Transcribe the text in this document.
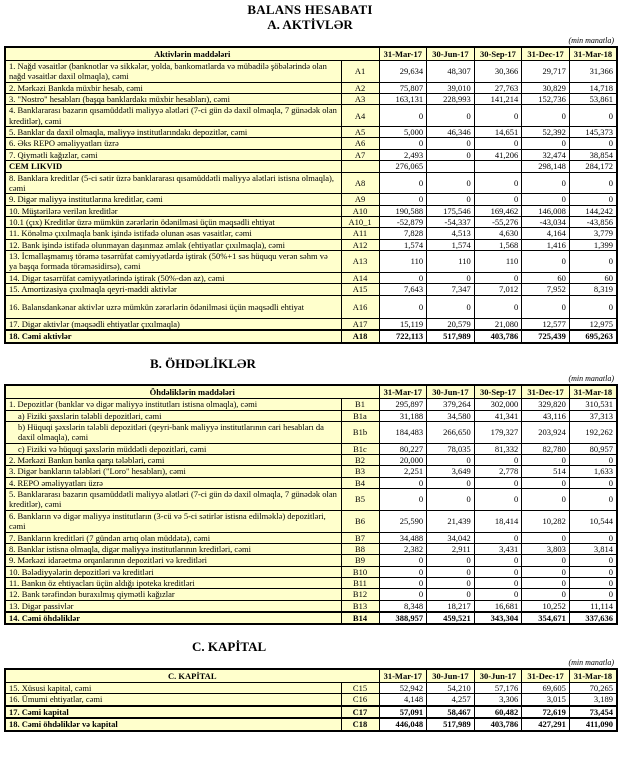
BALANS HESABATI
A. AKTİVLƏR
(min manatla)
Aktivlərin maddələri		31-Mar-17	30-Jun-17	30-Sep-17	31-Dec-17	31-Mar-18
1. Nağd vəsaitlər (banknotlar və sikkələr, yolda, bankomatlarda və mübadilə şöbələrində olan nağd vəsaitlər daxil olmaqla), cəmi	A1	29,634	48,307	30,366	29,717	31,366
2. Mərkəzi Bankda müxbir hesab, cəmi	A2	75,807	39,010	27,763	30,829	14,718
3. "Nostro" hesabları (başqa banklardakı müxbir hesabları), cəmi	A3	163,131	228,993	141,214	152,736	53,861
4. Banklararası bazarın qısamüddətli maliyyə alətləri (7-ci gün də daxil olmaqla, 7 günədək olan kreditlər), cəmi	A4	0	0	0	0	0
5. Banklar da daxil olmaqla, maliyyə institutlarındakı depozitlər, cəmi	A5	5,000	46,346	14,651	52,392	145,373
6. Əks REPO əməliyyatları üzrə	A6	0	0	0	0	0
7. Qiymətli kağızlar, cəmi	A7	2,493	0	41,206	32,474	38,854
CEM LIKVID		276,065			298,148	284,172
8. Banklara kreditlər (5-ci sətir üzrə banklararası qısamüddətli maliyyə alətləri istisna olmaqla), cəmi	A8	0	0	0	0	0
9. Digər maliyyə institutlarına kreditlər, cəmi	A9	0	0	0	0	0
10. Müştərilərə verilən kreditlər	A10	190,588	175,546	169,462	146,008	144,242
10.1 (çıx) Kreditlər üzrə mümkün zərərlərin ödənilməsi üçün məqsədli ehtiyat	A10_1	-52,879	-54,337	-55,276	-43,034	-43,856
11. Könəlmə çıxılmaqla bank işində istifadə olunan əsas vəsaitlər, cəmi	A11	7,828	4,513	4,630	4,164	3,779
12. Bank işində istifadə olunmayan daşınmaz əmlak (ehtiyatlar çıxılmaqla), cəmi	A12	1,574	1,574	1,568	1,416	1,399
13. İcmallaşmamış törəmə təsərrüfat cəmiyyətlərdə iştirak (50%+1 səs hüququ verən səhm və ya başqa formada törəməsidirsə), cəmi	A13	110	110	110	0	0
14. Digər təsərrüfat cəmiyyətlərində iştirak (50%-dən az), cəmi	A14	0	0	0	60	60
15. Amortizasiya çıxılmaqla qeyri-maddi aktivlər	A15	7,643	7,347	7,012	7,952	8,319
16. Balansdankənar aktivlər uzrə mümkün zərərlərin ödənilməsi üçün məqsədli ehtiyat	A16	0	0	0	0	0
17. Digər aktivlər (məqsədli ehtiyatlar çıxılmaqla)	A17	15,119	20,579	21,080	12,577	12,975
18. Cəmi aktivlər	A18	722,113	517,989	403,786	725,439	695,263
B. ÖHDƏLİKLƏR
(min manatla)
Öhdəliklərin maddələri		31-Mar-17	30-Jun-17	30-Sep-17	31-Dec-17	31-Mar-18
1. Depozitlər (banklar və digər maliyyə institutları istisna olmaqla), cəmi	B1	295,897	379,264	302,000	329,820	310,531
a) Fiziki şəxslərin tələbli depozitləri, cəmi	B1a	31,188	34,580	41,341	43,116	37,313
b) Hüquqi şəxslərin tələbli depozitləri (qeyri-bank maliyyə institutlarının cari hesabları da daxil olmaqla), cəmi	B1b	184,483	266,650	179,327	203,924	192,262
c) Fiziki və hüquqi şəxslərin müddətli depozitləri, cəmi	B1c	80,227	78,035	81,332	82,780	80,957
2. Mərkəzi Bankın banka qarşı tələbləri, cəmi	B2	20,000	0	0	0	0
3. Digər bankların tələbləri ("Loro" hesabları), cəmi	B3	2,251	3,649	2,778	514	1,633
4. REPO əməliyyatları üzrə	B4	0	0	0	0	0
5. Banklararası bazarın qısamüddətli maliyyə alətləri (7-ci gün də daxil olmaqla, 7 günədək olan kreditlər), cəmi	B5	0	0	0	0	0
6. Bankların və digər maliyyə institutların (3-cü və 5-ci sətirlər istisna edilməklə) depozitləri, cəmi	B6	25,590	21,439	18,414	10,282	10,544
7. Bankların kreditləri (7 gündən artıq olan müddətə), cəmi	B7	34,488	34,042	0	0	0
8. Banklar istisna olmaqla, digər maliyyə institutlarının kreditləri, cəmi	B8	2,382	2,911	3,431	3,803	3,814
9. Mərkəzi idarəetmə orqanlarının depozitləri və kreditləri	B9	0	0	0	0	0
10. Bələdiyyələrin depozitləri və kreditləri	B10	0	0	0	0	0
11. Bankın öz ehtiyacları üçün aldığı ipoteka kreditləri	B11	0	0	0	0	0
12. Bank tərəfindən buraxılmış qiymətli kağızlar	B12	0	0	0	0	0
13. Digər passivlər	B13	8,348	18,217	16,681	10,252	11,114
14. Cəmi öhdəliklər	B14	388,957	459,521	343,304	354,671	337,636
C. KAPİTAL
(min manatla)
C. KAPİTAL		31-Mar-17	30-Jun-17	30-Jun-17	31-Dec-17	31-Mar-18
15. Xüsusi kapital, cəmi	C15	52,942	54,210	57,176	69,605	70,265
16. Ümumi ehtiyatlar, cəmi	C16	4,148	4,257	3,306	3,015	3,189
17. Cəmi kapital	C17	57,091	58,467	60,482	72,619	73,454
18. Cəmi öhdəliklər və kapital	C18	446,048	517,989	403,786	427,291	411,090
